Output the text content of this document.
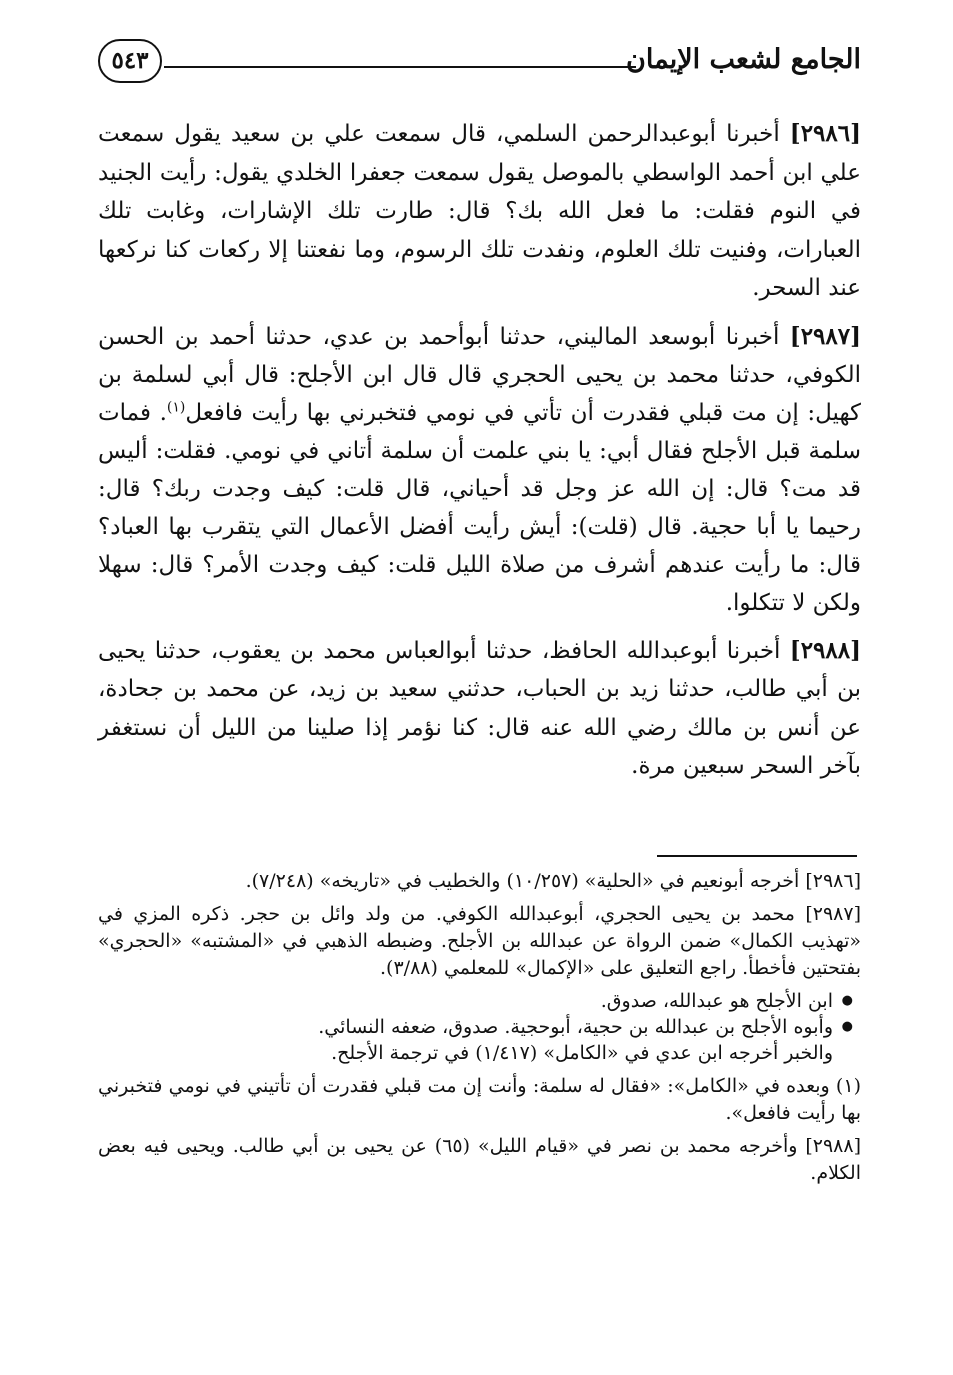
الجامع لشعب الإيمان
٥٤٣

[٢٩٨٦] أخبرنا أبوعبدالرحمن السلمي، قال سمعت علي بن سعيد يقول سمعت علي ابن أحمد الواسطي بالموصل يقول سمعت جعفرا الخلدي يقول: رأيت الجنيد في النوم فقلت: ما فعل الله بك؟ قال: طارت تلك الإشارات، وغابت تلك العبارات، وفنيت تلك العلوم، ونفدت تلك الرسوم، وما نفعتنا إلا ركعات كنا نركعها عند السحر.

[٢٩٨٧] أخبرنا أبوسعد الماليني، حدثنا أبوأحمد بن عدي، حدثنا أحمد بن الحسن الكوفي، حدثنا محمد بن يحيى الحجري قال قال ابن الأجلح: قال أبي لسلمة بن كهيل: إن مت قبلي فقدرت أن تأتي في نومي فتخبرني بها رأيت فافعل$^{(١)}$. فمات سلمة قبل الأجلح فقال أبي: يا بني علمت أن سلمة أتاني في نومي. فقلت: أليس قد مت؟ قال: إن الله عز وجل قد أحياني، قال قلت: كيف وجدت ربك؟ قال: رحيما يا أبا حجية. قال (قلت): أيش رأيت أفضل الأعمال التي يتقرب بها العباد؟ قال: ما رأيت عندهم أشرف من صلاة الليل قلت: كيف وجدت الأمر؟ قال: سهلا ولكن لا تتكلوا.

[٢٩٨٨] أخبرنا أبوعبدالله الحافظ، حدثنا أبوالعباس محمد بن يعقوب، حدثنا يحيى بن أبي طالب، حدثنا زيد بن الحباب، حدثني سعيد بن زيد، عن محمد بن جحادة، عن أنس بن مالك رضي الله عنه قال: كنا نؤمر إذا صلينا من الليل أن نستغفر بآخر السحر سبعين مرة.

[٢٩٨٦] أخرجه أبونعيم في «الحلية» (١٠/٢٥٧) والخطيب في «تاريخه» (٧/٢٤٨).

[٢٩٨٧] محمد بن يحيى الحجري، أبوعبدالله الكوفي. من ولد وائل بن حجر. ذكره المزي في «تهذيب الكمال» ضمن الرواة عن عبدالله بن الأجلح. وضبطه الذهبي في «المشتبه» «الحجري» بفتحتين فأخطأ. راجع التعليق على «الإكمال» للمعلمي (٣/٨٨).

● ابن الأجلح هو عبدالله، صدوق.
● وأبوه الأجلح بن عبدالله بن حجية، أبوحجية. صدوق، ضعفه النسائي.

والخبر أخرجه ابن عدي في «الكامل» (١/٤١٧) في ترجمة الأجلح.

(١) وبعده في «الكامل»: «فقال له سلمة: وأنت إن مت قبلي فقدرت أن تأتيني في نومي فتخبرني بها رأيت فافعل».

[٢٩٨٨] وأخرجه محمد بن نصر في «قيام الليل» (٦٥) عن يحيى بن أبي طالب. ويحيى فيه بعض الكلام.
